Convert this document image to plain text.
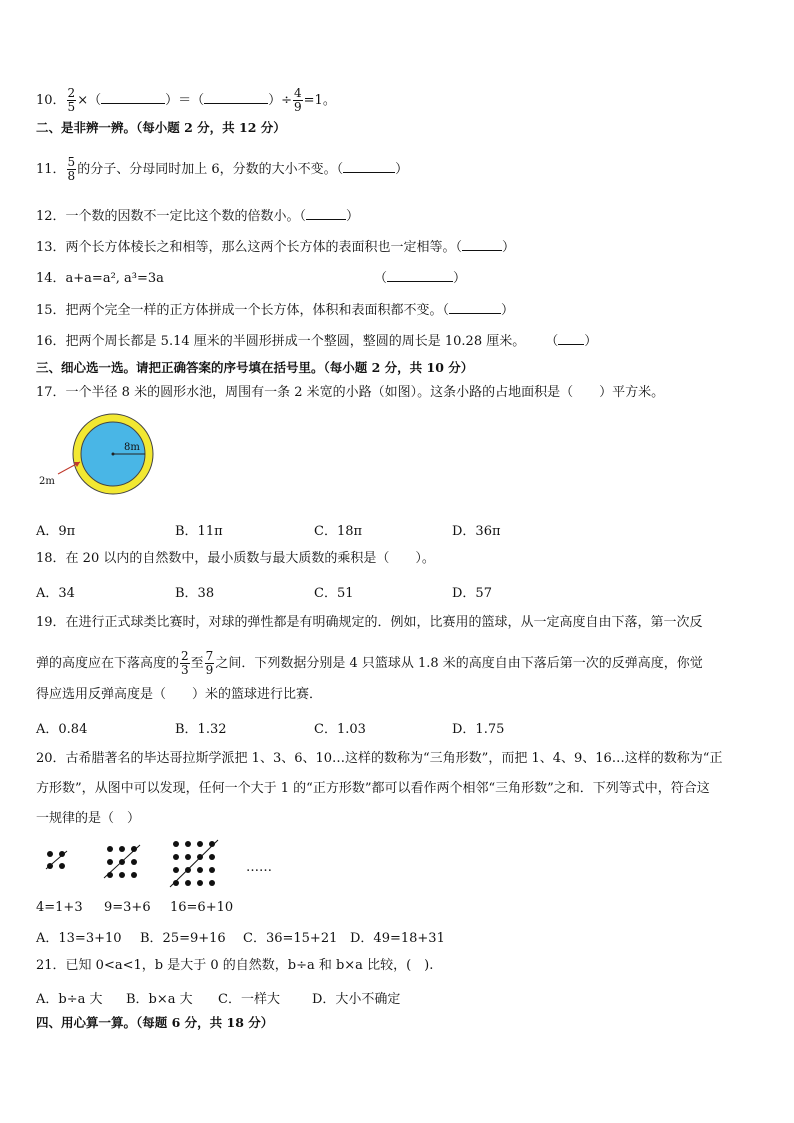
10． $\frac{2}{5}$ ×（	）＝（	）÷ $\frac{4}{9} =1$。
二、是非辨一辨。（每小题 2 分，共 12 分）
11． $\frac{5}{8}$ 的分子、分母同时加上 6，分数的大小不变。（	）
12．一个数的因数不一定比这个数的倍数小。（	）
13．两个长方体棱长之和相等，那么这两个长方体的表面积也一定相等。（	）
14．a+a=a², a³=3a	（	）
15．把两个完全一样的正方体拼成一个长方体，体积和表面积都不变。（	）
16．把两个周长都是 5.14 厘米的半圆形拼成一个整圆，整圆的周长是 10.28 厘米。 （ ）
三、细心选一选。请把正确答案的序号填在括号里。（每小题 2 分，共 10 分）
17．一个半径 8 米的圆形水池，周围有一条 2 米宽的小路（如图）。这条小路的占地面积是（　　）平方米。
8m
2m
A．9π	B．11π	C．18π	D．36π
18．在 20 以内的自然数中，最小质数与最大质数的乘积是（　　）。
A．34	B．38	C．51	D．57
19．在进行正式球类比赛时，对球的弹性都是有明确规定的．例如，比赛用的篮球，从一定高度自由下落，第一次反
弹的高度应在下落高度的 $\frac{2}{3}$ 至 $\frac{7}{9}$ 之间．下列数据分别是 4 只篮球从 1.8 米的高度自由下落后第一次的反弹高度，你觉
得应选用反弹高度是（　　）米的篮球进行比赛．
A．0.84	B．1.32	C．1.03	D．1.75
20．古希腊著名的毕达哥拉斯学派把 1、3、6、10…这样的数称为“三角形数”，而把 1、4、9、16…这样的数称为“正
方形数”，从图中可以发现，任何一个大于 1 的“正方形数”都可以看作两个相邻“三角形数”之和．下列等式中，符合这
一规律的是（　）
……
4=1+3 9=3+6 16=6+10
A．13=3+10 B．25=9+16 C．36=15+21 D．49=18+31
21．已知 0<a<1，b 是大于 0 的自然数，b÷a 和 b×a 比较，(　).
A．b÷a 大 B．b×a 大 C．一样大 D．大小不确定
四、用心算一算。（每题 6 分，共 18 分）
